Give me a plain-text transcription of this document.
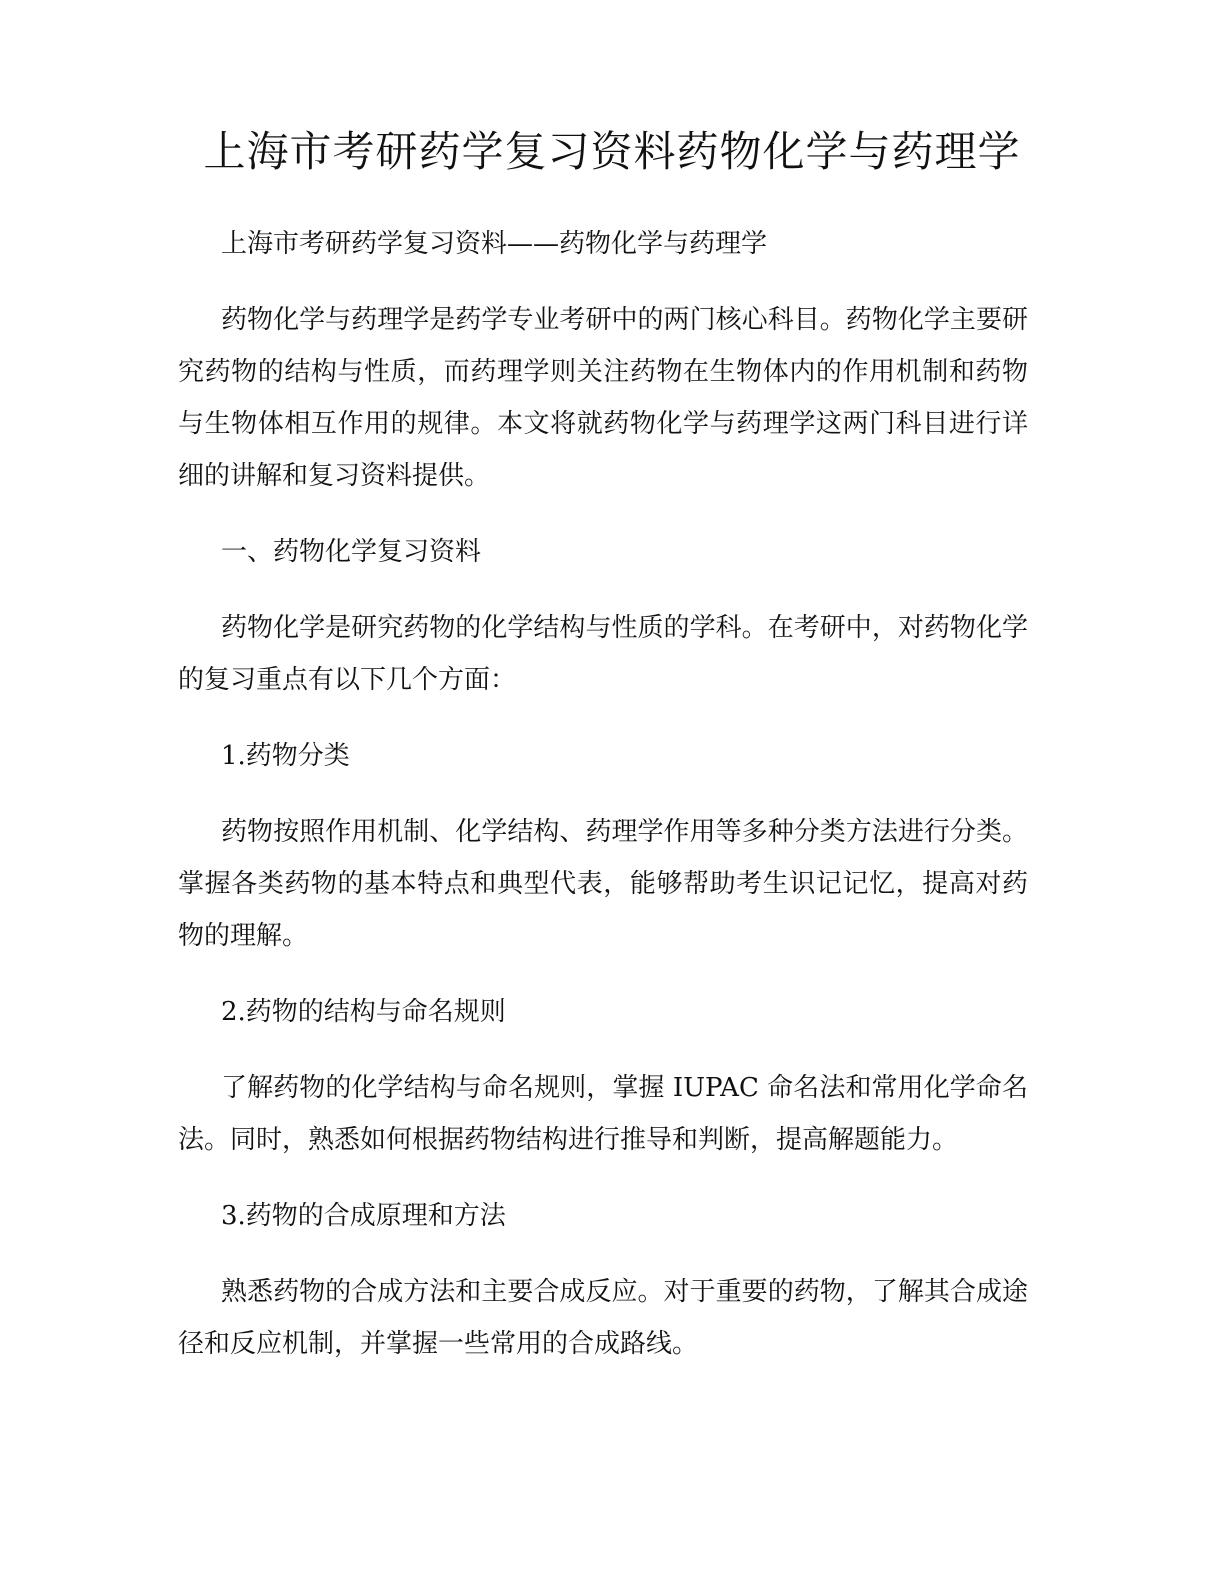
上海市考研药学复习资料药物化学与药理学

上海市考研药学复习资料——药物化学与药理学

药物化学与药理学是药学专业考研中的两门核心科目。药物化学主要研究药物的结构与性质，而药理学则关注药物在生物体内的作用机制和药物与生物体相互作用的规律。本文将就药物化学与药理学这两门科目进行详细的讲解和复习资料提供。

一、药物化学复习资料

药物化学是研究药物的化学结构与性质的学科。在考研中，对药物化学的复习重点有以下几个方面：

1.药物分类

药物按照作用机制、化学结构、药理学作用等多种分类方法进行分类。掌握各类药物的基本特点和典型代表，能够帮助考生识记记忆，提高对药物的理解。

2.药物的结构与命名规则

了解药物的化学结构与命名规则，掌握 IUPAC 命名法和常用化学命名法。同时，熟悉如何根据药物结构进行推导和判断，提高解题能力。

3.药物的合成原理和方法

熟悉药物的合成方法和主要合成反应。对于重要的药物，了解其合成途径和反应机制，并掌握一些常用的合成路线。
